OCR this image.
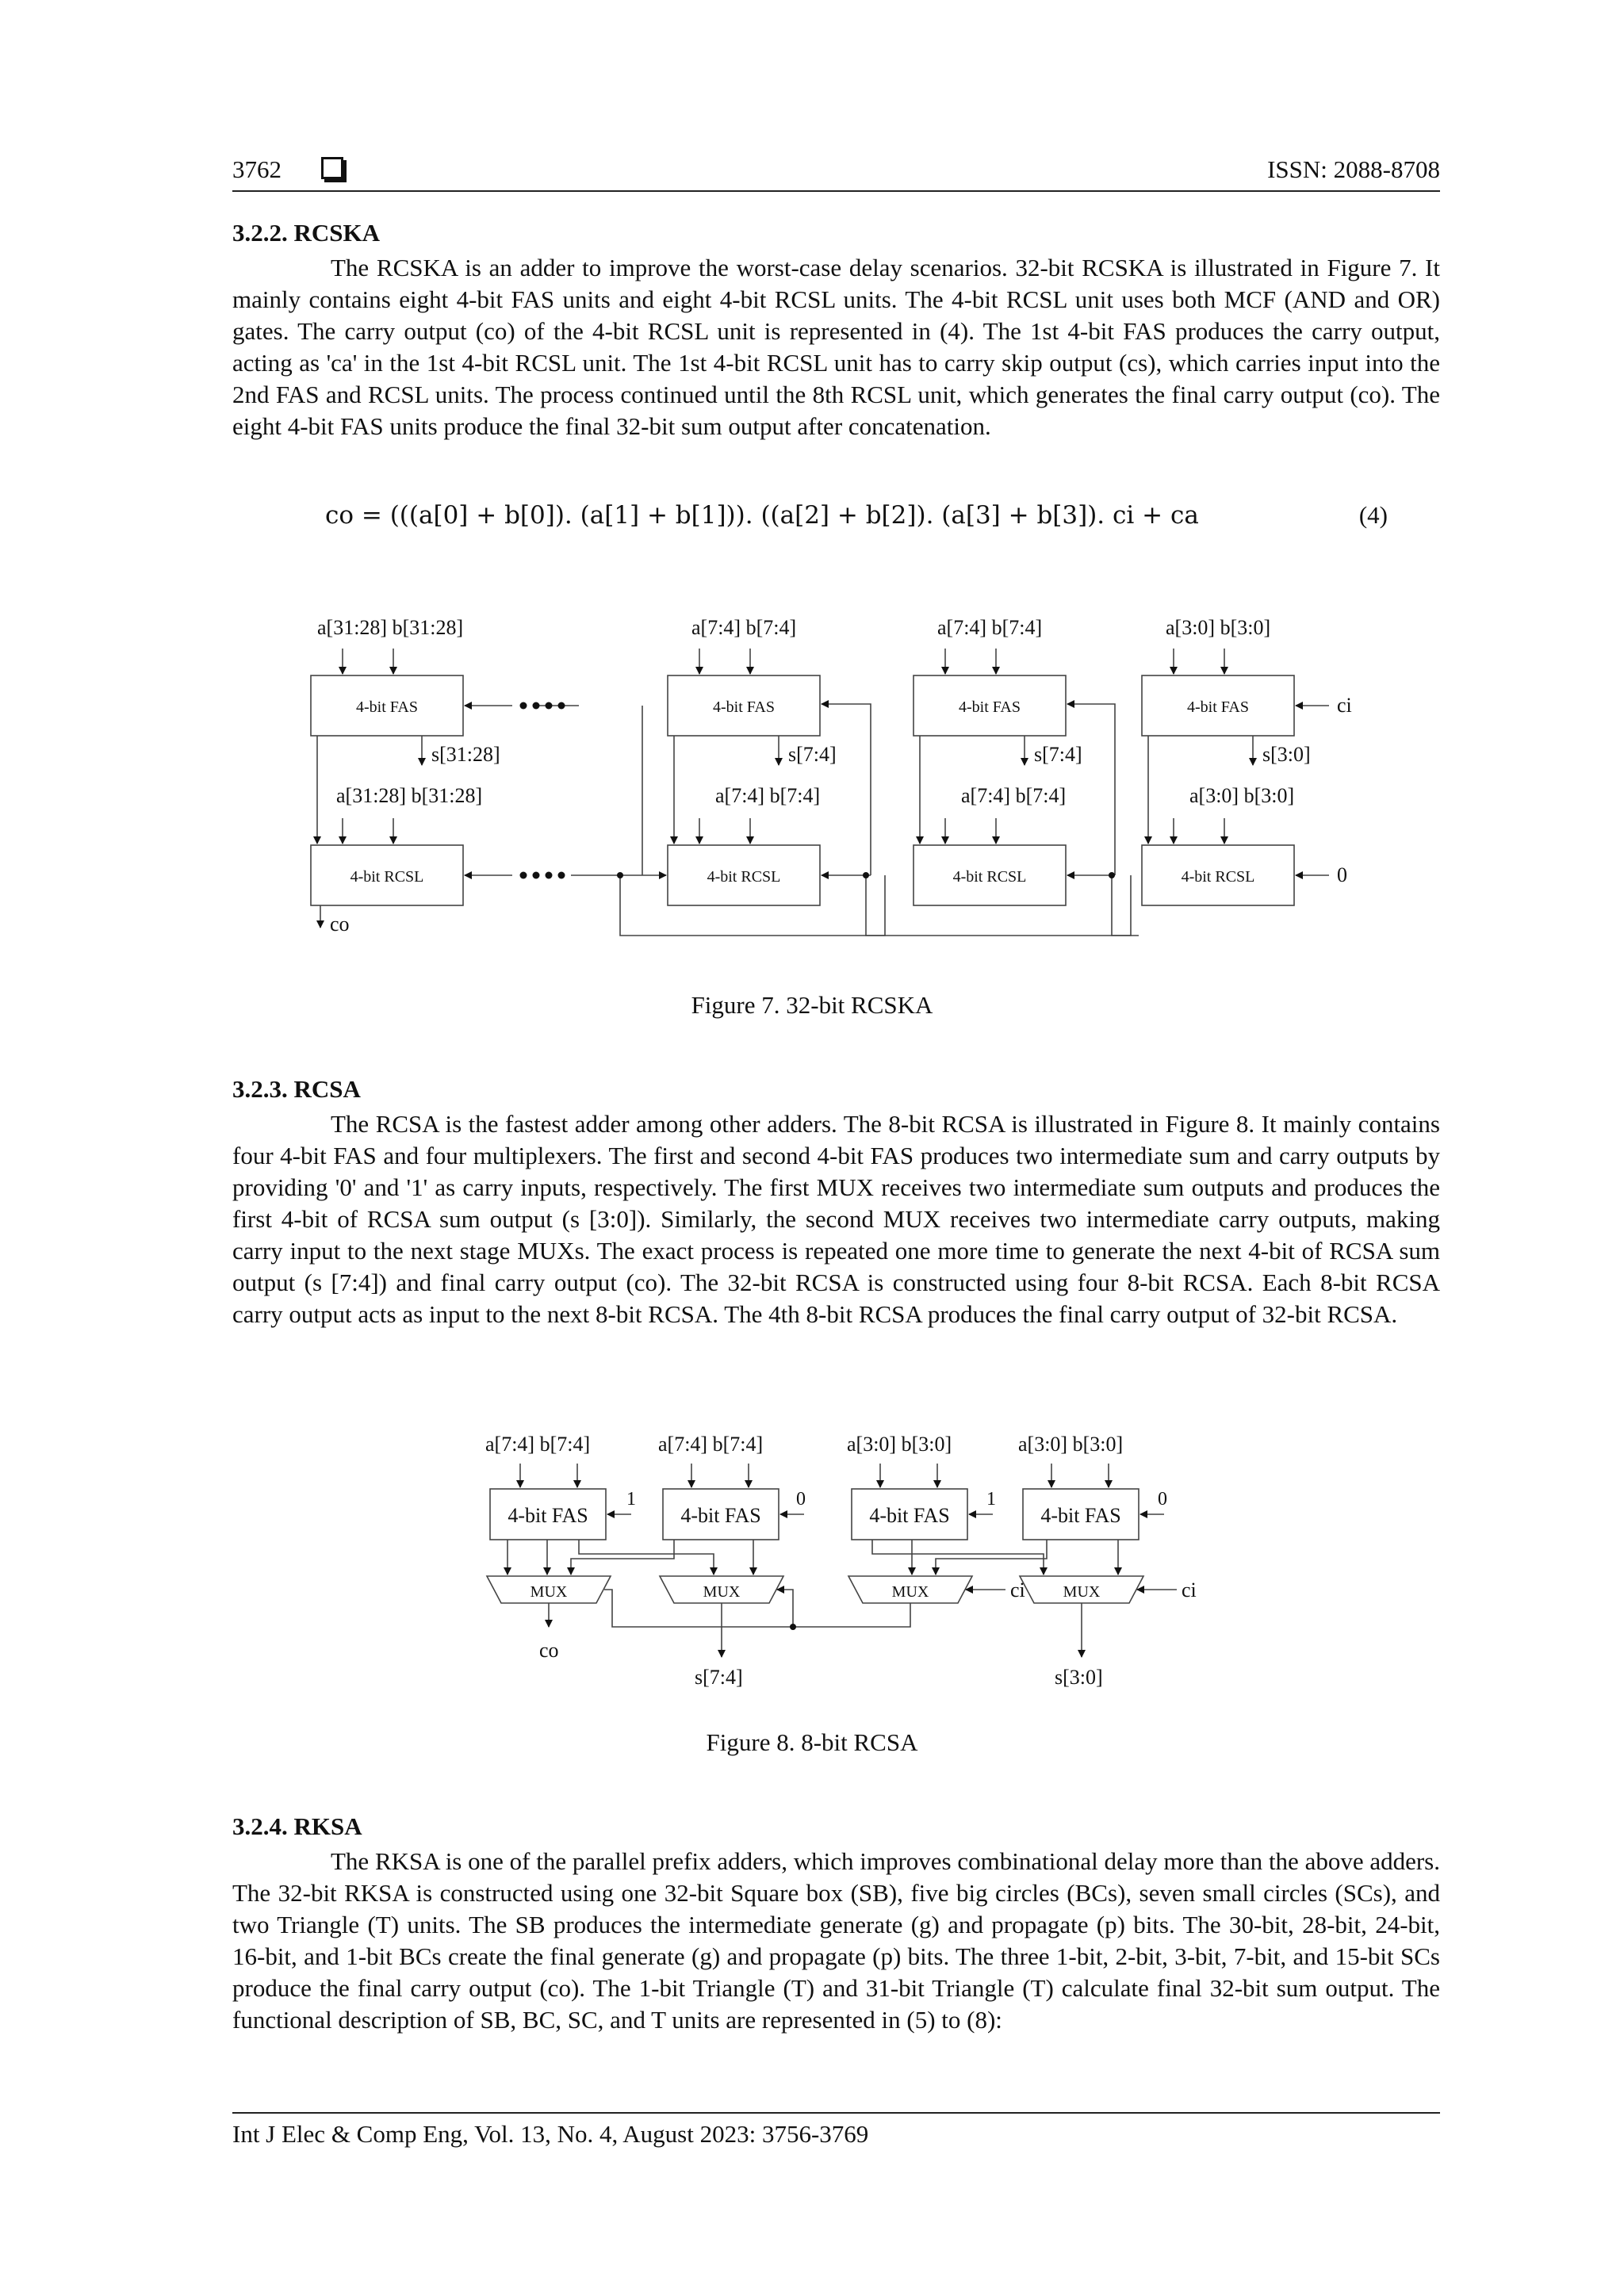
3762	ISSN: 2088-8708
3.2.2. RCSKA

The RCSKA is an adder to improve the worst-case delay scenarios. 32-bit RCSKA is illustrated in Figure 7. It mainly contains eight 4-bit FAS units and eight 4-bit RCSL units. The 4-bit RCSL unit uses both MCF (AND and OR) gates. The carry output (co) of the 4-bit RCSL unit is represented in (4). The 1st 4-bit FAS produces the carry output, acting as 'ca' in the 1st 4-bit RCSL unit. The 1st 4-bit RCSL unit has to carry skip output (cs), which carries input into the 2nd FAS and RCSL units. The process continued until the 8th RCSL unit, which generates the final carry output (co). The eight 4-bit FAS units produce the final 32-bit sum output after concatenation.

co = (((a[0] + b[0]). (a[1] + b[1])). ((a[2] + b[2]). (a[3] + b[3]). ci + ca	(4)
a[31:28] b[31:28]	a[7:4] b[7:4]	a[7:4] b[7:4]	a[3:0] b[3:0]
4-bit FAS	4-bit FAS	4-bit FAS	4-bit FAS
s[31:28]	s[7:4]	s[7:4]	s[3:0]
a[31:28] b[31:28]	a[7:4] b[7:4]	a[7:4] b[7:4]	a[3:0] b[3:0]
4-bit RCSL	4-bit RCSL	4-bit RCSL	4-bit RCSL
ci
0
co
Figure 7. 32-bit RCSKA
3.2.3. RCSA

The RCSA is the fastest adder among other adders. The 8-bit RCSA is illustrated in Figure 8. It mainly contains four 4-bit FAS and four multiplexers. The first and second 4-bit FAS produces two intermediate sum and carry outputs by providing '0' and '1' as carry inputs, respectively. The first MUX receives two intermediate sum outputs and produces the first 4-bit of RCSA sum output (s [3:0]). Similarly, the second MUX receives two intermediate carry outputs, making carry input to the next stage MUXs. The exact process is repeated one more time to generate the next 4-bit of RCSA sum output (s [7:4]) and final carry output (co). The 32-bit RCSA is constructed using four 8-bit RCSA. Each 8-bit RCSA carry output acts as input to the next 8-bit RCSA. The 4th 8-bit RCSA produces the final carry output of 32-bit RCSA.

a[7:4] b[7:4]	a[7:4] b[7:4]	a[3:0] b[3:0]	a[3:0] b[3:0]
4-bit FAS	4-bit FAS	4-bit FAS	4-bit FAS
1	0	1	0
MUX	MUX	MUX	MUX
ci	ci
co
s[7:4]	s[3:0]
Figure 8. 8-bit RCSA
3.2.4. RKSA

The RKSA is one of the parallel prefix adders, which improves combinational delay more than the above adders. The 32-bit RKSA is constructed using one 32-bit Square box (SB), five big circles (BCs), seven small circles (SCs), and two Triangle (T) units. The SB produces the intermediate generate (g) and propagate (p) bits. The 30-bit, 28-bit, 24-bit, 16-bit, and 1-bit BCs create the final generate (g) and propagate (p) bits. The three 1-bit, 2-bit, 3-bit, 7-bit, and 15-bit SCs produce the final carry output (co). The 1-bit Triangle (T) and 31-bit Triangle (T) calculate final 32-bit sum output. The functional description of SB, BC, SC, and T units are represented in (5) to (8):

Int J Elec & Comp Eng, Vol. 13, No. 4, August 2023: 3756-3769
